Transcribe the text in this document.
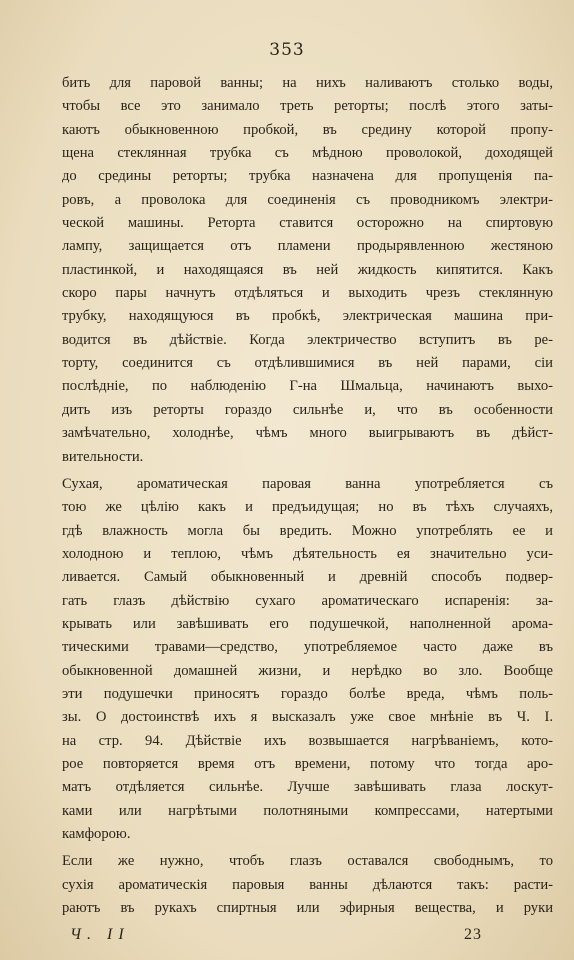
353
бить для паровой ванны; на нихъ наливаютъ столько воды,
чтобы все это занимало треть реторты; послѣ этого заты-
каютъ обыкновенною пробкой, въ средину которой пропу-
щена стеклянная трубка съ мѣдною проволокой, доходящей
до средины реторты; трубка назначена для пропущенія па-
ровъ, а проволока для соединенія съ проводникомъ электри-
ческой машины. Реторта ставится осторожно на спиртовую
лампу, защищается отъ пламени продырявленною жестяною
пластинкой, и находящаяся въ ней жидкость кипятится. Какъ
скоро пары начнутъ отдѣляться и выходить чрезъ стеклянную
трубку, находящуюся въ пробкѣ, электрическая машина при-
водится въ дѣйствіе. Когда электричество вступитъ въ ре-
торту, соединится съ отдѣлившимися въ ней парами, сіи
послѣдніе, по наблюденію Г-на Шмальца, начинаютъ выхо-
дить изъ реторты гораздо сильнѣе и, что въ особенности
замѣчательно, холоднѣе, чѣмъ много выигрываютъ въ дѣйст-
вительности.
Сухая, ароматическая паровая ванна употребляется съ
тою же цѣлію какъ и предъидущая; но въ тѣхъ случаяхъ,
гдѣ влажность могла бы вредить. Можно употреблять ее и
холодною и теплою, чѣмъ дѣятельность ея значительно уси-
ливается. Самый обыкновенный и древній способъ подвер-
гать глазъ дѣйствію сухаго ароматическаго испаренія: за-
крывать или завѣшивать его подушечкой, наполненной арома-
тическими травами—средство, употребляемое часто даже въ
обыкновенной домашней жизни, и нерѣдко во зло. Вообще
эти подушечки приносятъ гораздо болѣе вреда, чѣмъ поль-
зы. О достоинствѣ ихъ я высказалъ уже свое мнѣніе въ Ч. I.
на стр. 94. Дѣйствіе ихъ возвышается нагрѣваніемъ, кото-
рое повторяется время отъ времени, потому что тогда аро-
матъ отдѣляется сильнѣе. Лучше завѣшивать глаза лоскут-
ками или нагрѣтыми полотняными компрессами, натертыми
камфорою.
Если же нужно, чтобъ глазъ оставался свободнымъ, то
сухія ароматическія паровыя ванны дѣлаются такъ: расти-
раютъ въ рукахъ спиртныя или эфирныя вещества, и руки
Ч. II	23
